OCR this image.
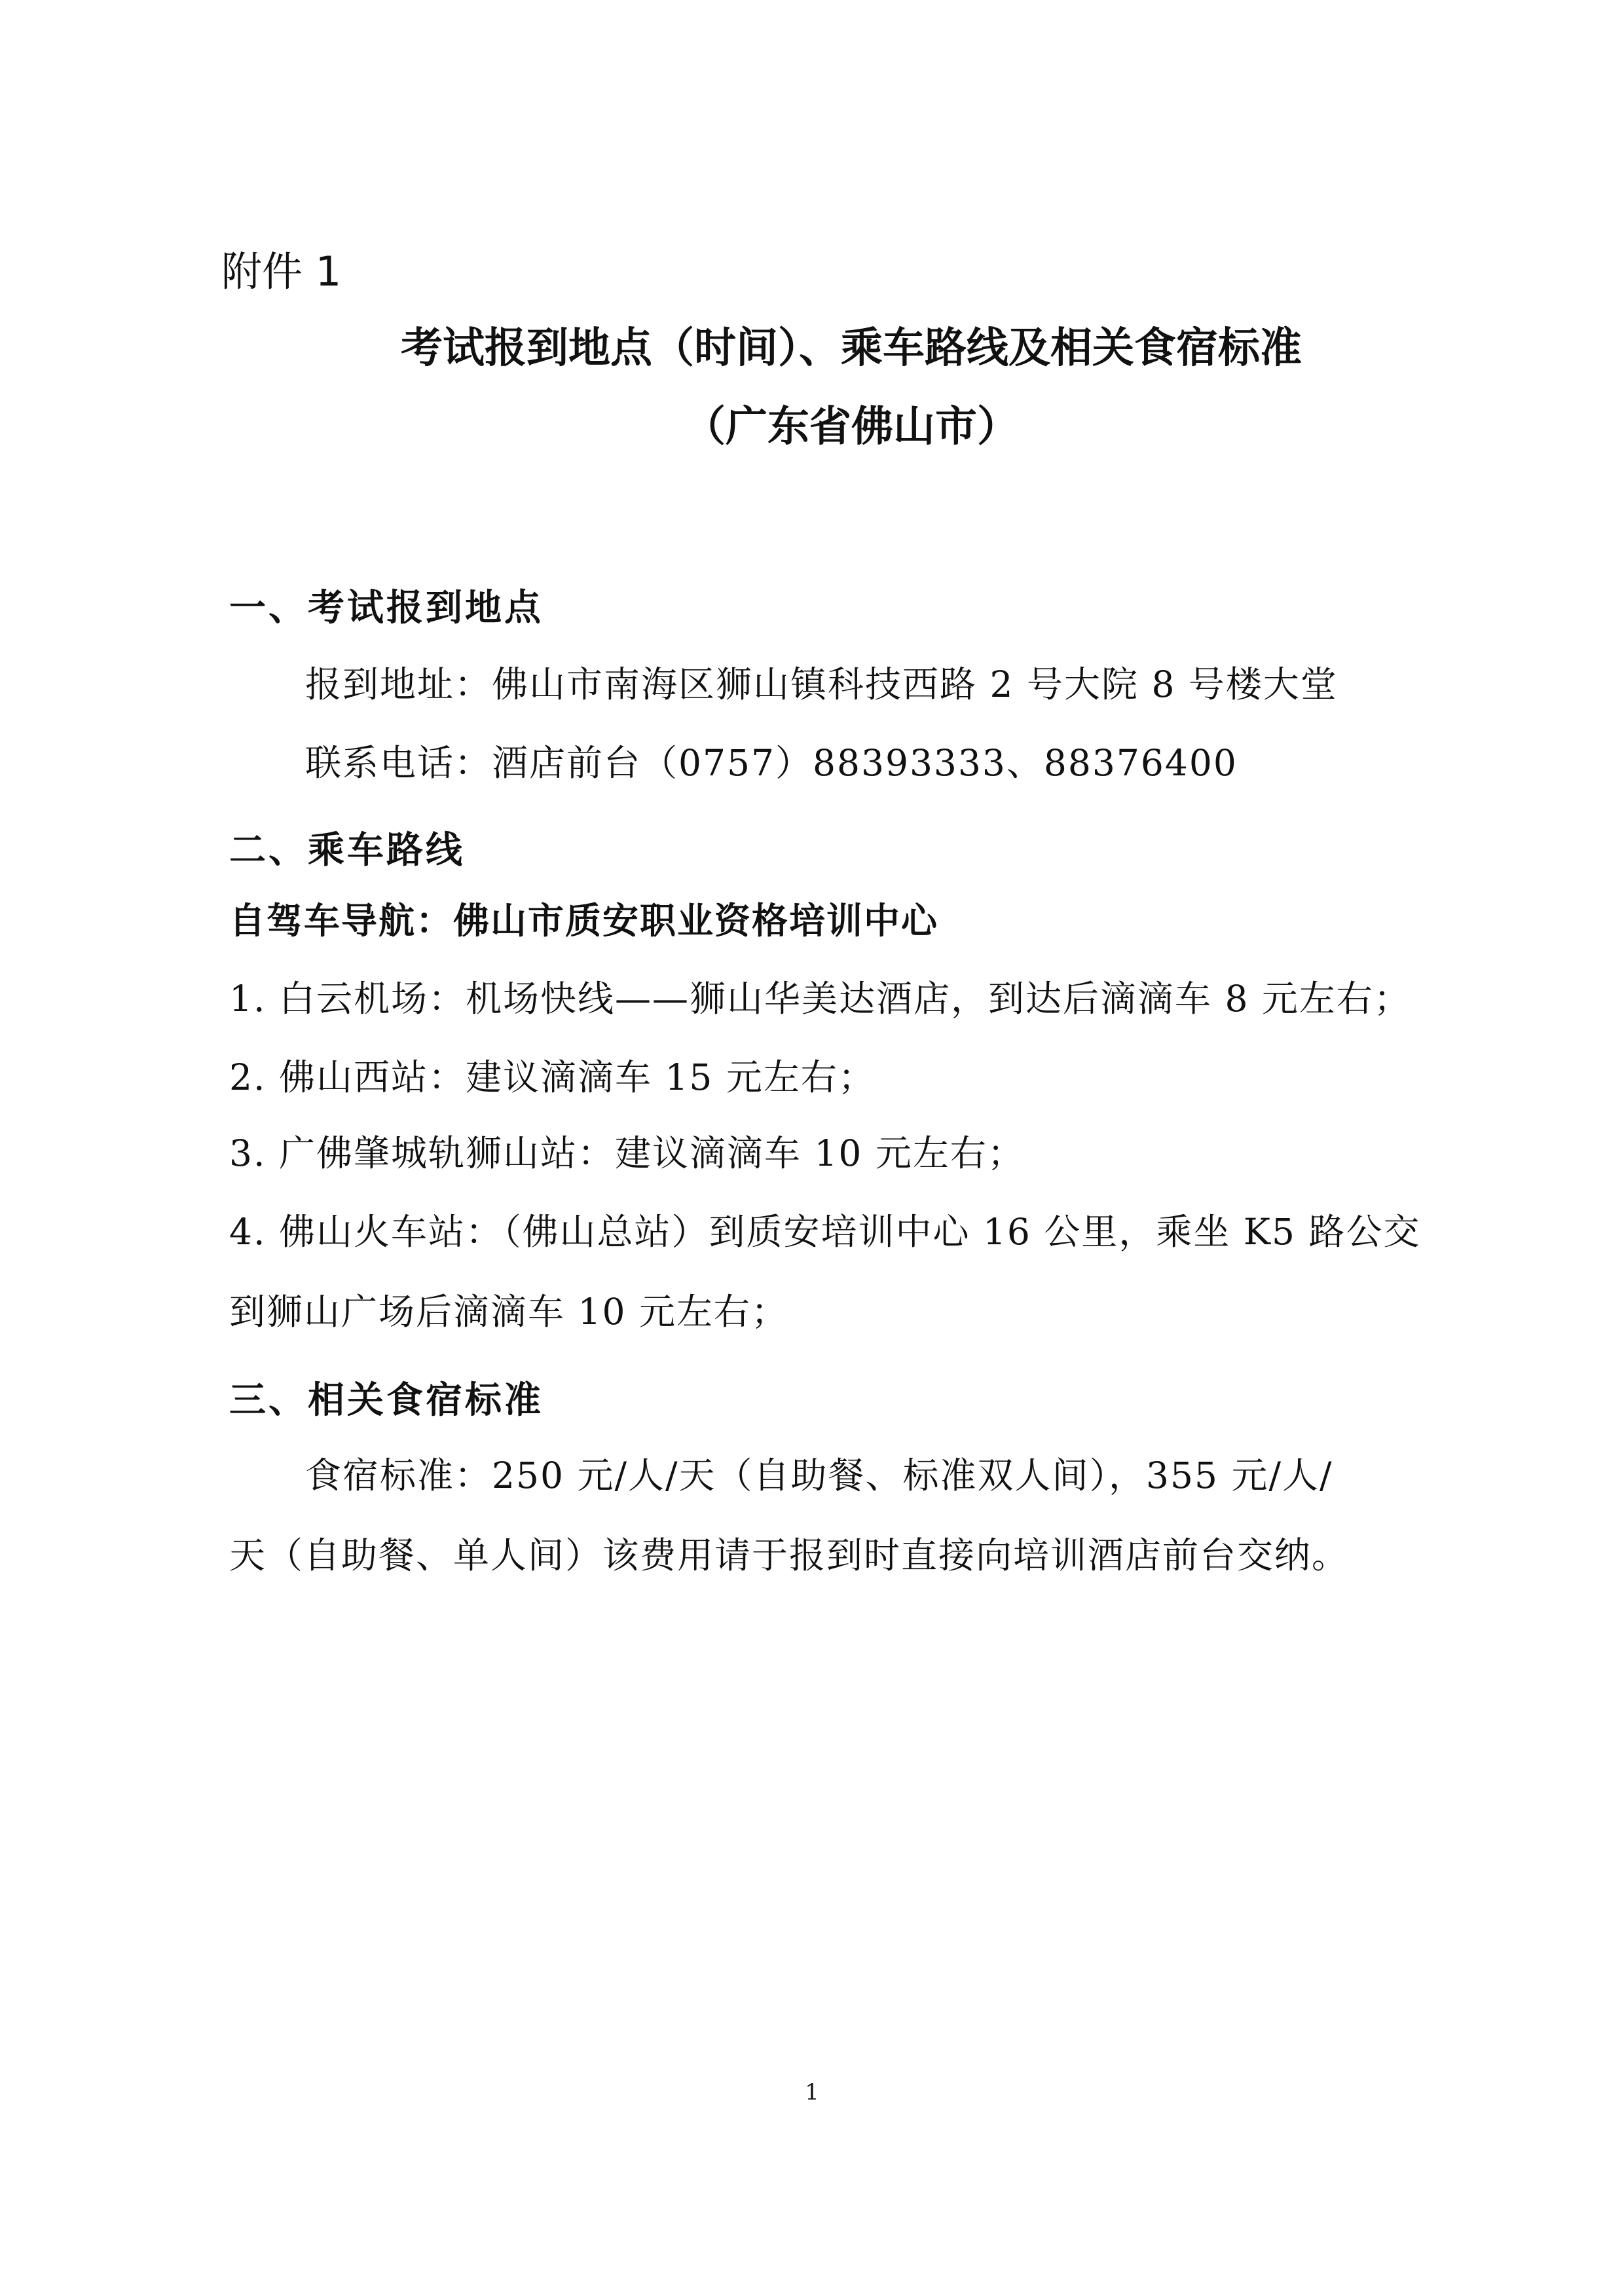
附件 1
考试报到地点（时间）、乘车路线及相关食宿标准
（广东省佛山市）
一、考试报到地点
报到地址：佛山市南海区狮山镇科技西路 2 号大院 8 号楼大堂
联系电话：酒店前台（0757）88393333、88376400
二、乘车路线
自驾车导航：佛山市质安职业资格培训中心
1. 白云机场：机场快线——狮山华美达酒店，到达后滴滴车 8 元左右；
2. 佛山西站：建议滴滴车 15 元左右；
3. 广佛肇城轨狮山站：建议滴滴车 10 元左右；
4. 佛山火车站：（佛山总站）到质安培训中心 16 公里，乘坐 K5 路公交
到狮山广场后滴滴车 10 元左右；
三、相关食宿标准
食宿标准：250 元/人/天（自助餐、标准双人间），355 元/人/
天（自助餐、单人间）该费用请于报到时直接向培训酒店前台交纳。
1
